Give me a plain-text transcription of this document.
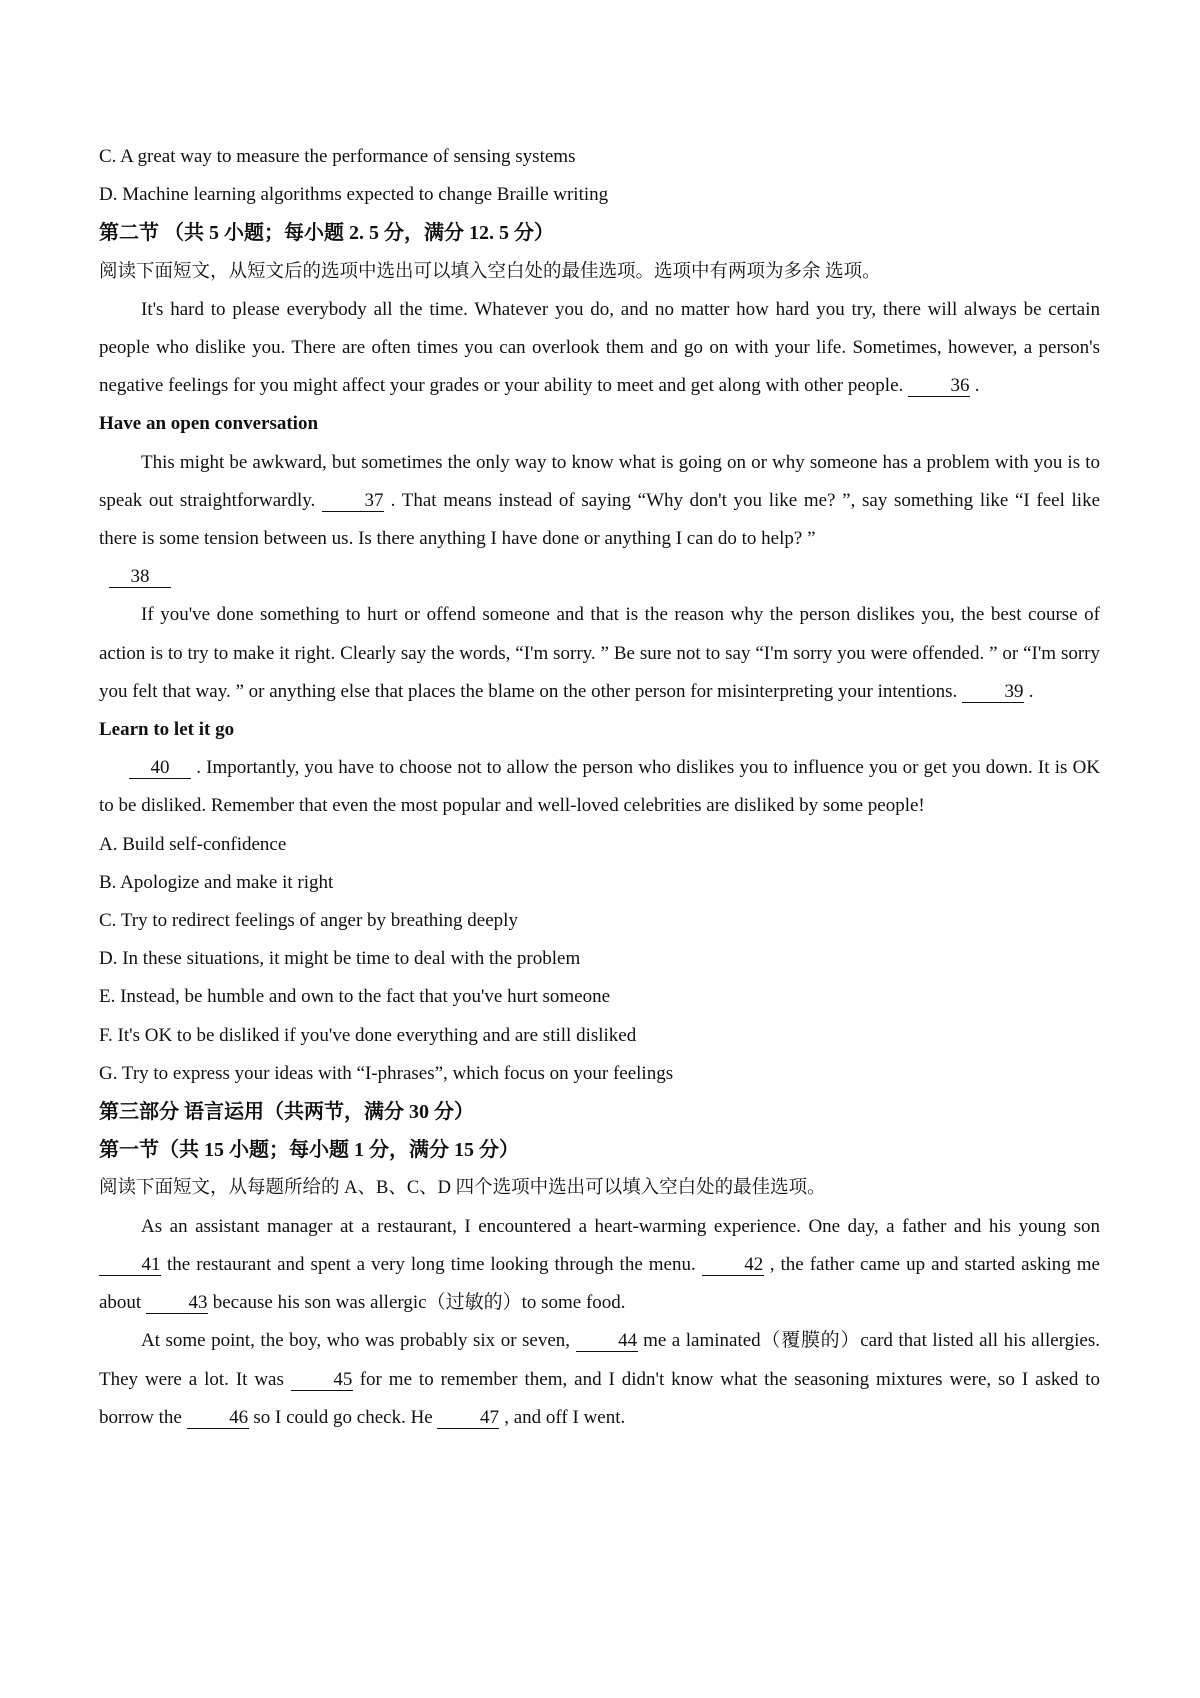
C. A great way to measure the performance of sensing systems

D. Machine learning algorithms expected to change Braille writing

第二节 （共 5 小题；每小题 2. 5 分，满分 12. 5 分）

阅读下面短文，从短文后的选项中选出可以填入空白处的最佳选项。选项中有两项为多余 选项。

It's hard to please everybody all the time. Whatever you do, and no matter how hard you try, there will always be certain people who dislike you. There are often times you can overlook them and go on with your life. Sometimes, however, a person's negative feelings for you might affect your grades or your ability to meet and get along with other people. 36 .

Have an open conversation

This might be awkward, but sometimes the only way to know what is going on or why someone has a problem with you is to speak out straightforwardly.	37 . That means instead of saying “Why don't you like me? ”, say something like “I feel like there is some tension between us. Is there anything I have done or anything I can do to help? ”

38

If you've done something to hurt or offend someone and that is the reason why the person dislikes you, the best course of action is to try to make it right. Clearly say the words, “I'm sorry. ” Be sure not to say “I'm sorry you were offended. ” or “I'm sorry you felt that way. ” or anything else that places the blame on the other person for misinterpreting your intentions. 39 .

Learn to let it go

40 . Importantly, you have to choose not to allow the person who dislikes you to influence you or get you down. It is OK to be disliked. Remember that even the most popular and well-loved celebrities are disliked by some people!

A. Build self-confidence

B. Apologize and make it right

C. Try to redirect feelings of anger by breathing deeply

D. In these situations, it might be time to deal with the problem

E. Instead, be humble and own to the fact that you've hurt someone

F. It's OK to be disliked if you've done everything and are still disliked

G. Try to express your ideas with “I-phrases”, which focus on your feelings

第三部分 语言运用（共两节，满分 30 分）

第一节（共 15 小题；每小题 1 分，满分 15 分）

阅读下面短文，从每题所给的 A、B、C、D 四个选项中选出可以填入空白处的最佳选项。

As an assistant manager at a restaurant, I encountered a heart-warming experience. One day, a father and his young son 41 the restaurant and spent a very long time looking through the menu.	42 , the father came up and started asking me about 43 because his son was allergic（过敏的）to some food.

At some point, the boy, who was probably six or seven,	44 me a laminated（覆膜的）card that listed all his allergies. They were a lot. It was	45 for me to remember them, and I didn't know what the seasoning mixtures were, so I asked to borrow the 46 so I could go check. He 47 , and off I went.
